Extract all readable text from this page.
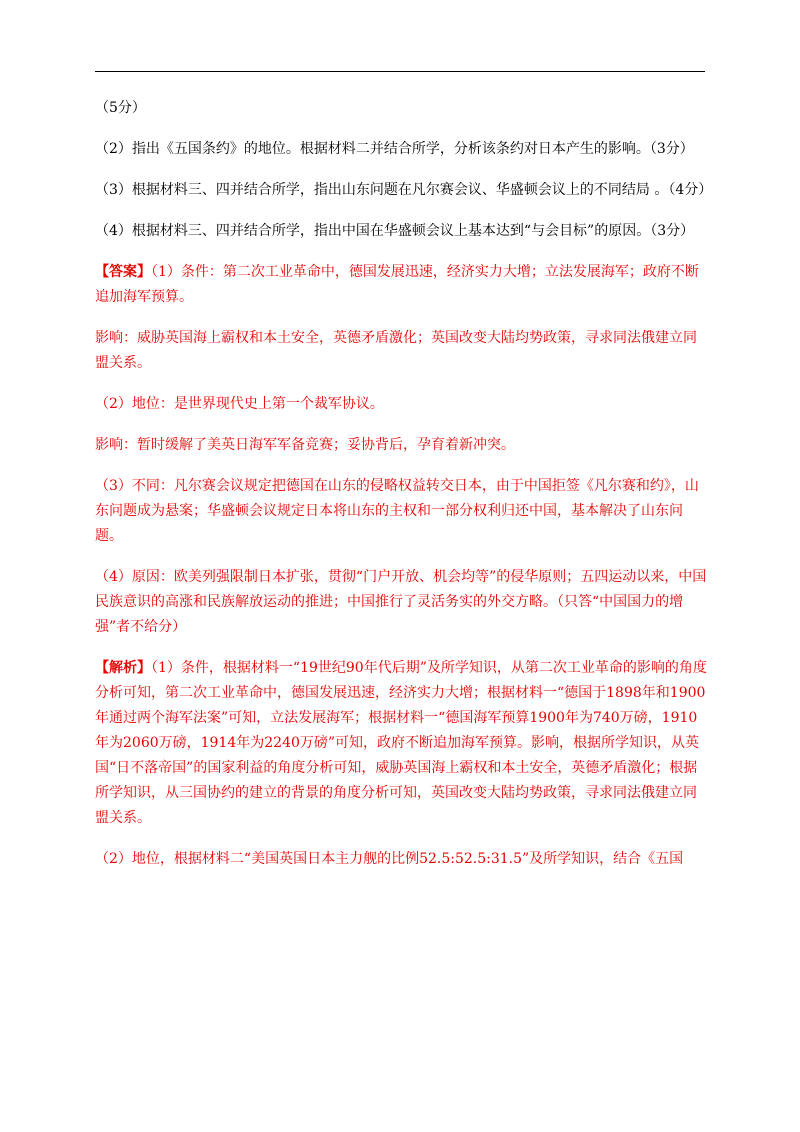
（5分）

（2）指出《五国条约》的地位。根据材料二并结合所学，分析该条约对日本产生的影响。（3分）

（3）根据材料三、四并结合所学，指出山东问题在凡尔赛会议、华盛顿会议上的不同结局 。（4分）

（4）根据材料三、四并结合所学，指出中国在华盛顿会议上基本达到“与会目标”的原因。（3分）

【答案】（1）条件：第二次工业革命中，德国发展迅速，经济实力大增；立法发展海军；政府不断追加海军预算。

影响：威胁英国海上霸权和本土安全，英德矛盾激化；英国改变大陆均势政策，寻求同法俄建立同盟关系。

（2）地位：是世界现代史上第一个裁军协议。

影响：暂时缓解了美英日海军军备竞赛；妥协背后，孕育着新冲突。

（3）不同：凡尔赛会议规定把德国在山东的侵略权益转交日本，由于中国拒签《凡尔赛和约》，山东问题成为悬案；华盛顿会议规定日本将山东的主权和一部分权利归还中国，基本解决了山东问题。

（4）原因：欧美列强限制日本扩张，贯彻“门户开放、机会均等”的侵华原则；五四运动以来，中国民族意识的高涨和民族解放运动的推进；中国推行了灵活务实的外交方略。（只答“中国国力的增强”者不给分）

【解析】（1）条件，根据材料一“19世纪90年代后期”及所学知识，从第二次工业革命的影响的角度分析可知，第二次工业革命中，德国发展迅速，经济实力大增；根据材料一“德国于1898年和1900年通过两个海军法案”可知，立法发展海军；根据材料一“德国海军预算1900年为740万磅，1910年为2060万磅，1914年为2240万磅”可知，政府不断追加海军预算。影响，根据所学知识，从英国“日不落帝国”的国家利益的角度分析可知，威胁英国海上霸权和本土安全，英德矛盾激化；根据所学知识，从三国协约的建立的背景的角度分析可知，英国改变大陆均势政策，寻求同法俄建立同盟关系。

（2）地位，根据材料二“美国英国日本主力舰的比例52.5:52.5:31.5”及所学知识，结合《五国
